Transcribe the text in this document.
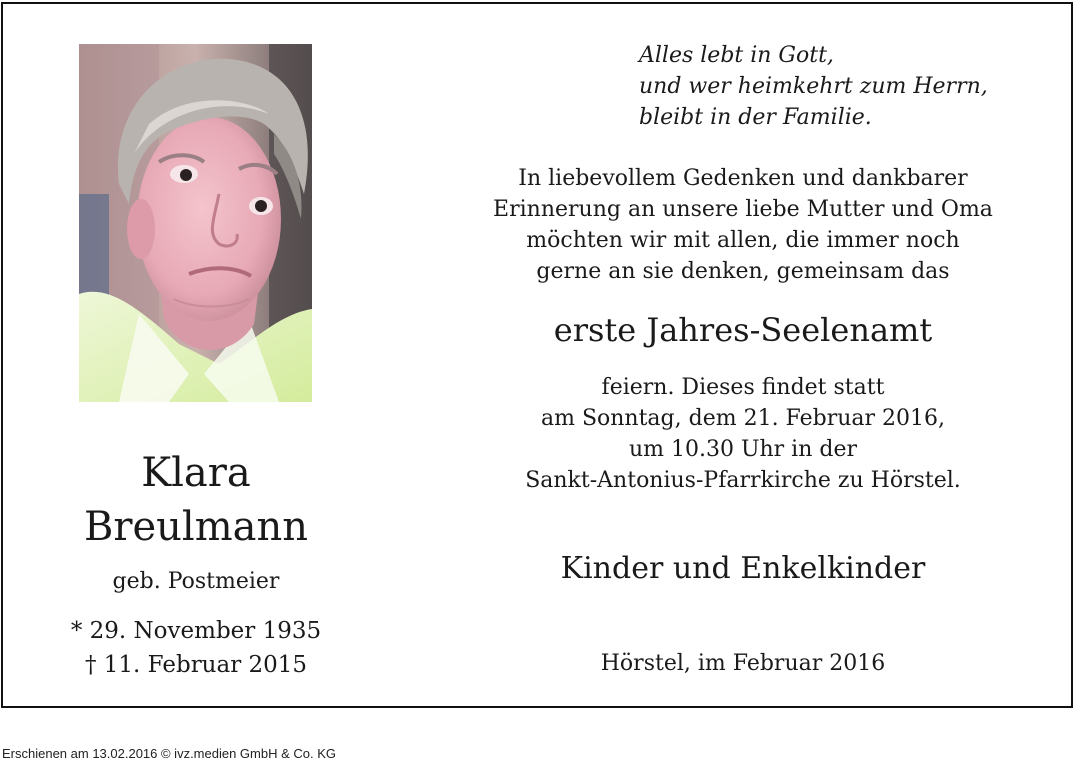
Klara
Breulmann
geb. Postmeier
* 29. November 1935
† 11. Februar 2015
Alles lebt in Gott,
und wer heimkehrt zum Herrn,
bleibt in der Familie.
In liebevollem Gedenken und dankbarer
Erinnerung an unsere liebe Mutter und Oma
möchten wir mit allen, die immer noch
gerne an sie denken, gemeinsam das
erste Jahres-Seelenamt
feiern. Dieses findet statt
am Sonntag, dem 21. Februar 2016,
um 10.30 Uhr in der
Sankt-Antonius-Pfarrkirche zu Hörstel.
Kinder und Enkelkinder
Hörstel, im Februar 2016
Erschienen am 13.02.2016 © ivz.medien GmbH & Co. KG
